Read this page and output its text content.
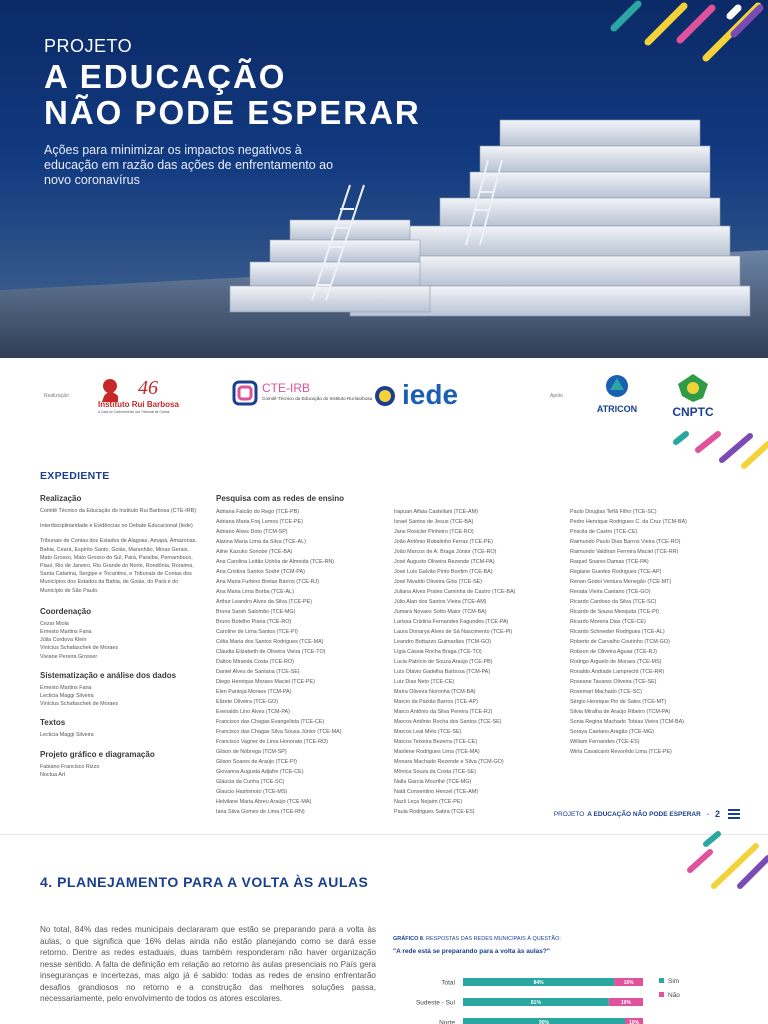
PROJETO
A EDUCAÇÃO
NÃO PODE ESPERAR
Ações para minimizar os impactos negativos à educação em razão das ações de enfrentamento ao novo coronavírus
Realização	46
Instituto Rui Barbosa
A Casa do Conhecimento dos Tribunais de Contas
CTE-IRB
Comitê Técnico da Educação do Instituto Rui Barbosa iede	Apoio
ATRICON	CNPTC
EXPEDIENTE
Realização
Comitê Técnico da Educação do Instituto Rui Barbosa (CTE-IRB)
Interdisciplinaridade e Evidências no Debate Educacional (Iede)
Tribunais de Contas dos Estados de Alagoas, Amapá, Amazonas, Bahia, Ceará, Espírito Santo, Goiás, Maranhão, Minas Gerais, Mato Grosso, Mato Grosso do Sul, Pará, Paraíba, Pernambuco, Piauí, Rio de Janeiro, Rio Grande do Norte, Rondônia, Roraima, Santa Catarina, Sergipe e Tocantins, e Tribunais de Contas dos Municípios dos Estados da Bahia, de Goiás, do Pará e do Município de São Paulo.
Coordenação
Cezar Miola
Ernesto Martins Faria
Júlia Cordova Klein
Vinícius Schafaschek de Moraes
Viviane Pereira Grosser
Sistematização e análise dos dados
Ernesto Martins Faria
Lecticia Maggi Silveira
Vinícius Schafaschek de Moraes
Textos
Lecticia Maggi Silveira
Projeto gráfico e diagramação
Fabiano Francisco Rizzo
Noctua Art
Pesquisa com as redes de ensino
Adriana Falcão do Rego (TCE-PB)
Adriana Maria Frej Lemos (TCE-PE)
Adriano Alves Doto (TCM-SP)
Alanna Maria Lima da Silva (TCE-AL)
Aline Kazuko Sonobe (TCE-BA)
Ana Carolina Leitão Uchôa de Almeida (TCE-RN)
Ana Cristina Santos Sodré (TCM-PA)
Ana Maria Furbino Bretas Barros (TCE-RJ)
Ana Maria Lima Borba (TCE-AL)
Arthur Leandro Alves da Silva (TCE-PE)
Bruna Sarah Salomão (TCE-MG)
Bruno Botelho Piana (TCE-RO)
Caroline de Lima Santos (TCE-PI)
Célia Maria dos Santos Rodrigues (TCE-MA)
Cláudia Elizabeth de Oliveira Vieira (TCE-TO)
Dalton Miranda Costa (TCE-RO)
Daniel Alves de Santana (TCE-SE)
Diego Henrique Moraes Maciel (TCE-PE)
Elen Pantoja Moraes (TCM-PA)
Elizete Oliveira (TCE-GO)
Evenaldo Lino Alves (TCM-PA)
Francisco das Chagas Evangelista (TCE-CE)
Francisco das Chagas Silva Sousa Júnior (TCE-MA)
Francisco Vagner de Lima Honorato (TCE-RO)
Gilson de Nóbrega (TCM-SP)
Gilson Soares de Araújo (TCE-PI)
Giovanna Augusta Adjafre (TCE-CE)
Gláucia da Cunha (TCE-SC)
Glaucio Hashimoto (TCE-MS)
Helvilane Maria Abreu Araújo (TCE-MA)
Iana Silva Gomes de Lima (TCE-RN)
Irapuan Alfaia Castellani (TCE-AM)
Israel Santos de Jesus (TCE-BA)
Jane Rosicler Pinheiro (TCE-RO)
João Antônio Robalinho Ferraz (TCE-PE)
João Marcos de A. Braga Júnior (TCE-RO)
José Augusto Oliveira Rezende (TCM-PA)
José Luís Galvão Pinto Bonfim (TCE-BA)
José Nivaldo Oliveira Góis (TCE-SE)
Juliana Alves Prates Caminha de Castro (TCE-BA)
Júlio Alan dos Santos Vieira (TCE-AM)
Jumara Novaes Sotto Maior (TCM-BA)
Larissa Cristina Fernandes Fagundes (TCE-PA)
Laura Donarya Alves de Sá Nascimento (TCE-PI)
Leandro Bottazzo Guimarães (TCM-GO)
Lígia Cássia Rocha Braga (TCE-TO)
Lucia Patrício de Souza Araújo (TCE-PB)
Luís Otávio Gadelha Barbosa (TCM-PA)
Luiz Dias Neto (TCE-CE)
Maíra Oliveira Noronha (TCM-BA)
Marcio da Paixão Barros (TCE-AP)
Marco Antônio da Silva Pereira (TCE-RJ)
Marcos Antônio Rocha dos Santos (TCE-SE)
Marcos Leal Melo (TCE-SE)
Marcos Teixeira Bezerra (TCE-CE)
Marilene Rodrigues Lima (TCE-MA)
Monara Machado Rezende e Silva (TCM-GO)
Mônica Souza da Costa (TCE-SE)
Nalla Garcia Mourthé (TCE-MG)
Natã Consentino Henzel (TCE-AM)
Nazli Leça Nejaim (TCE-PE)
Paula Rodrigues Sabra (TCE-ES)
Paulo Douglas Teñã Filho (TCE-SC)
Pedro Henrique Rodrigues C. da Cruz (TCM-BA)
Priscila de Castro (TCE-CE)
Raimundo Paulo Dias Barros Vieira (TCE-RO)
Raimundo Valdiran Ferreira Maciel (TCE-RR)
Raquel Soares Damas (TCE-PA)
Regiane Guedes Rodrigues (TCE-AP)
Renan Godoi Ventura Menegão (TCE-MT)
Renata Vieira Caetano (TCE-GO)
Ricardo Cardoso da Silva (TCE-SC)
Ricardo de Sousa Mesquita (TCE-PI)
Ricardo Moreira Dias (TCE-CE)
Ricardo Schneider Rodrigues (TCE-AL)
Roberto de Carvalho Coutinho (TCM-GO)
Robson de Oliveira Aguiar (TCE-RJ)
Rodrigo Arguelo de Moraes (TCE-MS)
Ronaldo Andrade Lamprecht (TCE-RR)
Roseane Tavares Oliveira (TCE-SE)
Rosemari Machado (TCE-SC)
Sérgio Henrique Pio de Sales (TCE-MT)
Silvia Miralha de Araújo Ribeiro (TCM-PA)
Sonia Regina Machado Tobias Vieira (TCM-BA)
Soraya Caetano Aragão (TCE-MG)
William Fernandes (TCE-ES)
Wirla Cavalcanti Revorêdo Lima (TCE-PE)
PROJETO A EDUCAÇÃO NÃO PODE ESPERAR - 2
4. PLANEJAMENTO PARA A VOLTA ÀS AULAS
No total, 84% das redes municipais declararam que estão se preparando para a volta às aulas, o que significa que 16% delas ainda não estão planejando como se dará esse retorno. Dentre as redes estaduais, duas também responderam não haver organização nesse sentido. A falta de definição em relação ao retorno às aulas presenciais no País gera inseguranças e incertezas, mas algo já é sabido: todas as redes de ensino enfrentarão desafios grandiosos no retorno e a construção das melhores soluções passa, necessariamente, pelo envolvimento de todos os atores escolares.
GRÁFICO 8. RESPOSTAS DAS REDES MUNICIPAIS À QUESTÃO:
"A rede está se preparando para a volta às aulas?"
Total	84%	16%
Sudeste - Sul	81%	19%
Norte	90%	10%
Sim
Não
